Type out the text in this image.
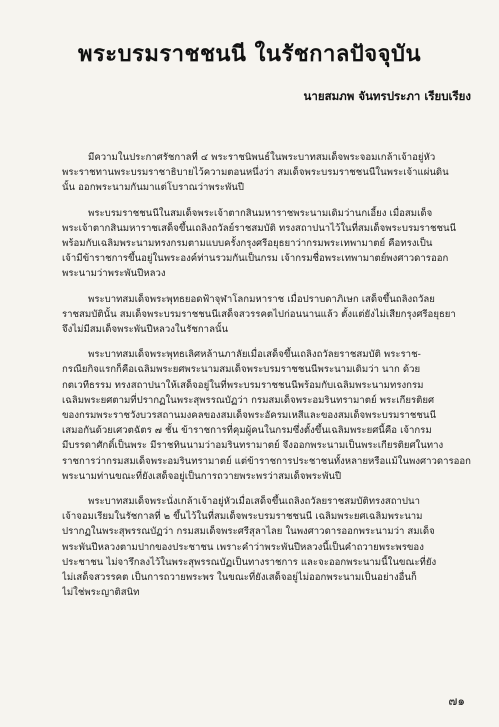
พระบรมราชชนนี ในรัชกาลปัจจุบัน
นายสมภพ จันทรประภา เรียบเรียง

มีความในประกาศรัชกาลที่ ๔ พระราชนิพนธ์ในพระบาทสมเด็จพระจอมเกล้าเจ้าอยู่หัว
พระราชทานพระบรมราชาธิบายไว้ความตอนหนึ่งว่า สมเด็จพระบรมราชชนนีในพระเจ้าแผ่นดิน
นั้น ออกพระนามกันมาแต่โบราณว่าพระพันปี

พระบรมราชชนนีในสมเด็จพระเจ้าตากสินมหาราชพระนามเดิมว่านกเอี้ยง เมื่อสมเด็จ
พระเจ้าตากสินมหาราชเสด็จขึ้นเถลิงถวัลย์ราชสมบัติ ทรงสถาปนาไว้ในที่สมเด็จพระบรมราชชนนี
พร้อมกับเฉลิมพระนามทรงกรมตามแบบครั้งกรุงศรีอยุธยาว่ากรมพระเทพามาตย์ คือทรงเป็น
เจ้ามีข้าราชการขึ้นอยู่ในพระองค์ท่านรวมกันเป็นกรม เจ้ากรมชื่อพระเทพามาตย์พงศาวดารออก
พระนามว่าพระพันปีหลวง

พระบาทสมเด็จพระพุทธยอดฟ้าจุฬาโลกมหาราช เมื่อปราบดาภิเษก เสด็จขึ้นถลิงถวัลย
ราชสมบัตินั้น สมเด็จพระบรมราชชนนีเสด็จสวรรคตไปก่อนนานแล้ว ตั้งแต่ยังไม่เสียกรุงศรีอยุธยา
จึงไม่มีสมเด็จพระพันปีหลวงในรัชกาลนั้น

พระบาทสมเด็จพระพุทธเลิศหล้านภาลัยเมื่อเสด็จขึ้นเถลิงถวัลยราชสมบัติ พระราช-
กรณียกิจแรกก็คือเฉลิมพระยศพระนามสมเด็จพระบรมราชชนนีพระนามเดิมว่า นาก ด้วย
กตเวทีธรรม ทรงสถาปนาให้เสด็จอยู่ในที่พระบรมราชชนนีพร้อมกับเฉลิมพระนามทรงกรม
เฉลิมพระยศตามที่ปรากฏในพระสุพรรณบัฏว่า กรมสมเด็จพระอมรินทรามาตย์ พระเกียรติยศ
ของกรมพระราชวังบวรสถานมงคลของสมเด็จพระอัครมเหสีและของสมเด็จพระบรมราชชนนี
เสมอกันด้วยเศวตฉัตร ๗ ชั้น ข้าราชการที่คุมผู้คนในกรมซึ่งตั้งขึ้นเฉลิมพระยศนี้คือ เจ้ากรม
มีบรรดาศักดิ์เป็นพระ มีราชทินนามว่าอมรินทรามาตย์ จึงออกพระนามเป็นพระเกียรติยศในทาง
ราชการว่ากรมสมเด็จพระอมรินทรามาตย์ แต่ข้าราชการประชาชนทั้งหลายหรือแม้ในพงศาวดารออก
พระนามท่านขณะที่ยังเสด็จอยู่เป็นการถวายพระพรว่าสมเด็จพระพันปี

พระบาทสมเด็จพระนั่งเกล้าเจ้าอยู่หัวเมื่อเสด็จขึ้นเถลิงถวัลยราชสมบัติทรงสถาปนา
เจ้าจอมเรียมในรัชกาลที่ ๒ ขึ้นไว้ในที่สมเด็จพระบรมราชชนนี เฉลิมพระยศเฉลิมพระนาม
ปรากฏในพระสุพรรณบัฏว่า กรมสมเด็จพระศรีสุลาไลย ในพงศาวดารออกพระนามว่า สมเด็จ
พระพันปีหลวงตามปากของประชาชน เพราะคำว่าพระพันปีหลวงนี้เป็นคำถวายพระพรของ
ประชาชน ไม่จารึกลงไว้ในพระสุพรรณบัฏเป็นทางราชการ และจะออกพระนามนี้ในขณะที่ยัง
ไม่เสด็จสวรรคต เป็นการถวายพระพร ในขณะที่ยังเสด็จอยู่ไม่ออกพระนามเป็นอย่างอื่นก็
ไม่ใช่พระญาติสนิท

๗๑
